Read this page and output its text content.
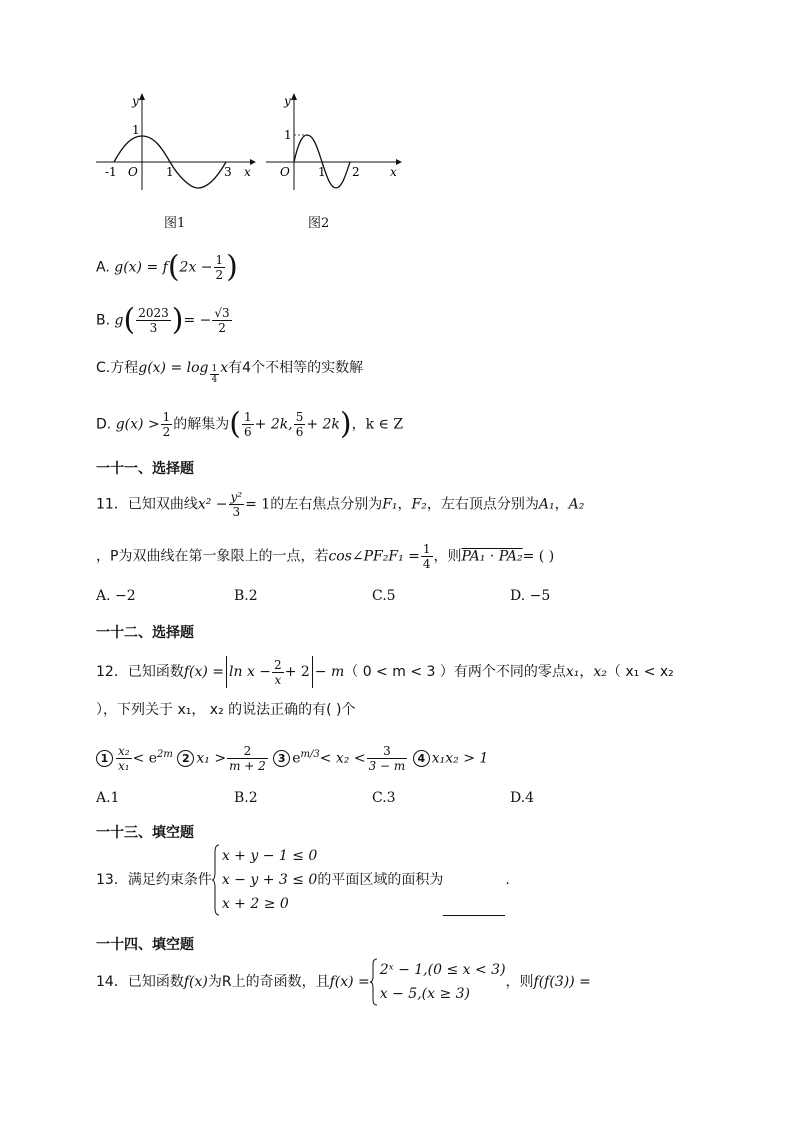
y
x
O
1
-1	1	3
图1
y
x
O
1
1 2
图2
A. $g(x) = f(2x - \frac{1}{2}$ )
B. $g( \frac{2023}{3}$ )= − $\frac{√3}{2}$
C.方程$g(x) = \log \frac{1}{4}$ x有4个不相等的实数解
D. $g(x) > \frac{1}{2}$ 的解集为( $\frac{1}{6} + 2k$, $\frac{5}{6} + 2k$)，k ∈ Z
一十一、选择题
11．已知双曲线$x^2 - \frac{\text{y²}}{3} = 1$的左右焦点分别为F₁，F₂，左右顶点分别为A₁，A₂
，P为双曲线在第一象限上的一点，若cos∠PF₂F₁ = $\frac{1}{4}$ ，则PA₁ · PA₂= ( )
A. −2	B.2	C.5	D. −5
一十二、选择题
12．已知函数$f(x) = \ln x - \frac{2}{x} + 2 - m$（ 0 < m < 3 ）有两个不同的零点x₁，x₂（ x₁ < x₂
），下列关于 x₁， x₂ 的说法正确的有( )个
$1 \frac{\text{x₂}}{\text{x₁}} < e^{2m}$ 2 $x_1 > \frac{2}{m + 2} 3$ $e^{m/3}< x_2 < \frac{3}{3 - m} 4$ x₁x₂ > 1
A.1	B.2	C.3	D.4
一十三、填空题
13．满足约束条件
x + y − 1 ≤ 0
x − y + 3 ≤ 0
x + 2 ≥ 0
的平面区域的面积为	.
一十四、填空题
14．已知函数f(x)为R上的奇函数，且f(x) =
2ˣ − 1,(0 ≤ x < 3)
x − 5,(x ≥ 3)
，则f(f(3)) =
